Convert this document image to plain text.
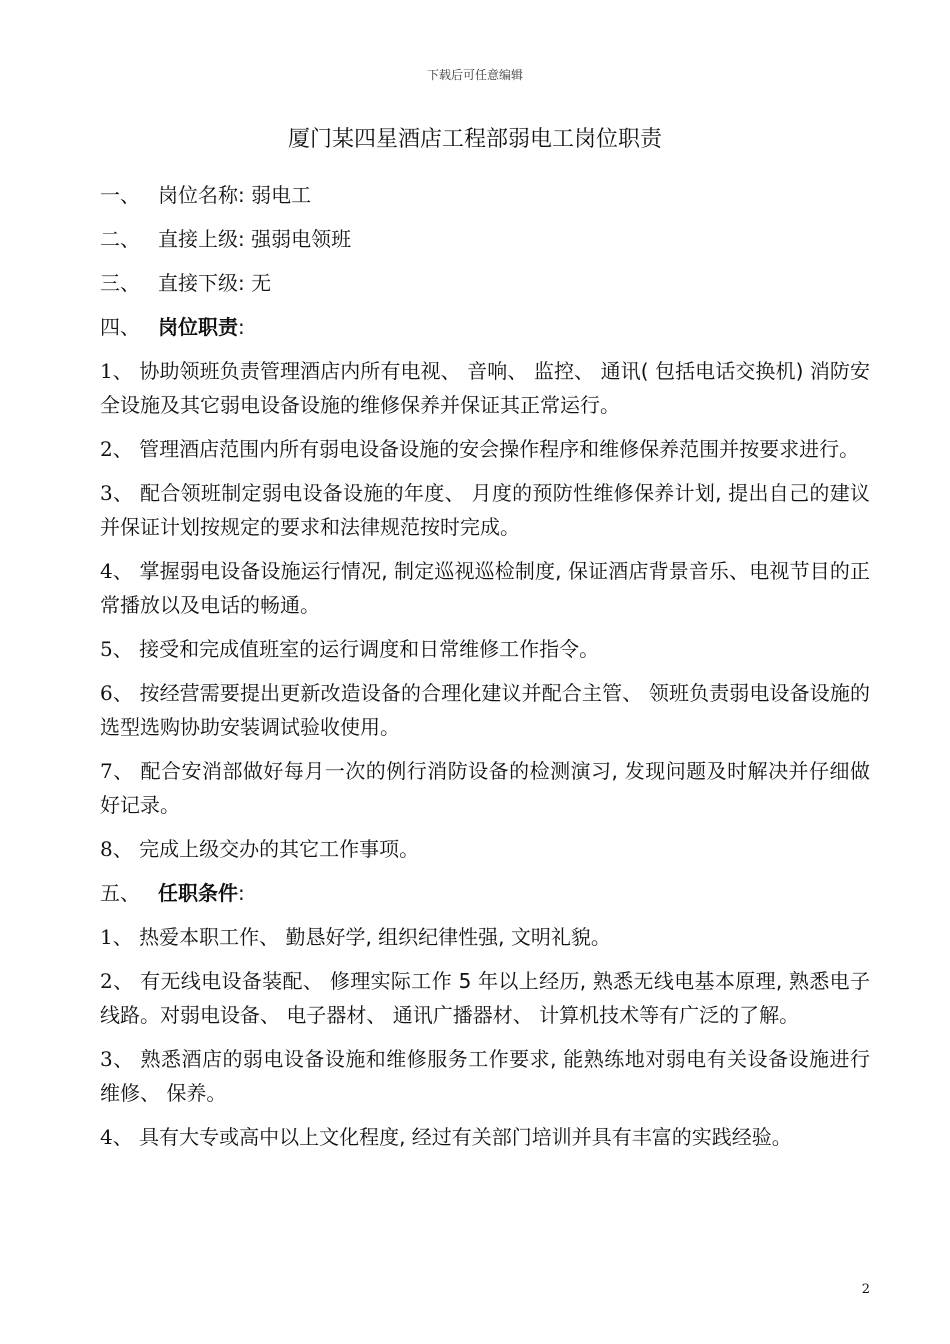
下载后可任意编辑
厦门某四星酒店工程部弱电工岗位职责
一、 岗位名称: 弱电工
二、 直接上级: 强弱电领班
三、 直接下级: 无
四、 岗位职责:
1、 协助领班负责管理酒店内所有电视、 音响、 监控、 通讯( 包括电话交换机) 消防安全设施及其它弱电设备设施的维修保养并保证其正常运行。
2、 管理酒店范围内所有弱电设备设施的安会操作程序和维修保养范围并按要求进行。
3、 配合领班制定弱电设备设施的年度、 月度的预防性维修保养计划, 提出自己的建议并保证计划按规定的要求和法律规范按时完成。
4、 掌握弱电设备设施运行情况, 制定巡视巡检制度, 保证酒店背景音乐、电视节目的正常播放以及电话的畅通。
5、 接受和完成值班室的运行调度和日常维修工作指令。
6、 按经营需要提出更新改造设备的合理化建议并配合主管、 领班负责弱电设备设施的选型选购协助安装调试验收使用。
7、 配合安消部做好每月一次的例行消防设备的检测演习, 发现问题及时解决并仔细做好记录。
8、 完成上级交办的其它工作事项。
五、 任职条件:
1、 热爱本职工作、 勤恳好学, 组织纪律性强, 文明礼貌。
2、 有无线电设备装配、 修理实际工作 5 年以上经历, 熟悉无线电基本原理, 熟悉电子线路。对弱电设备、 电子器材、 通讯广播器材、 计算机技术等有广泛的了解。
3、 熟悉酒店的弱电设备设施和维修服务工作要求, 能熟练地对弱电有关设备设施进行维修、 保养。
4、 具有大专或高中以上文化程度, 经过有关部门培训并具有丰富的实践经验。
2
